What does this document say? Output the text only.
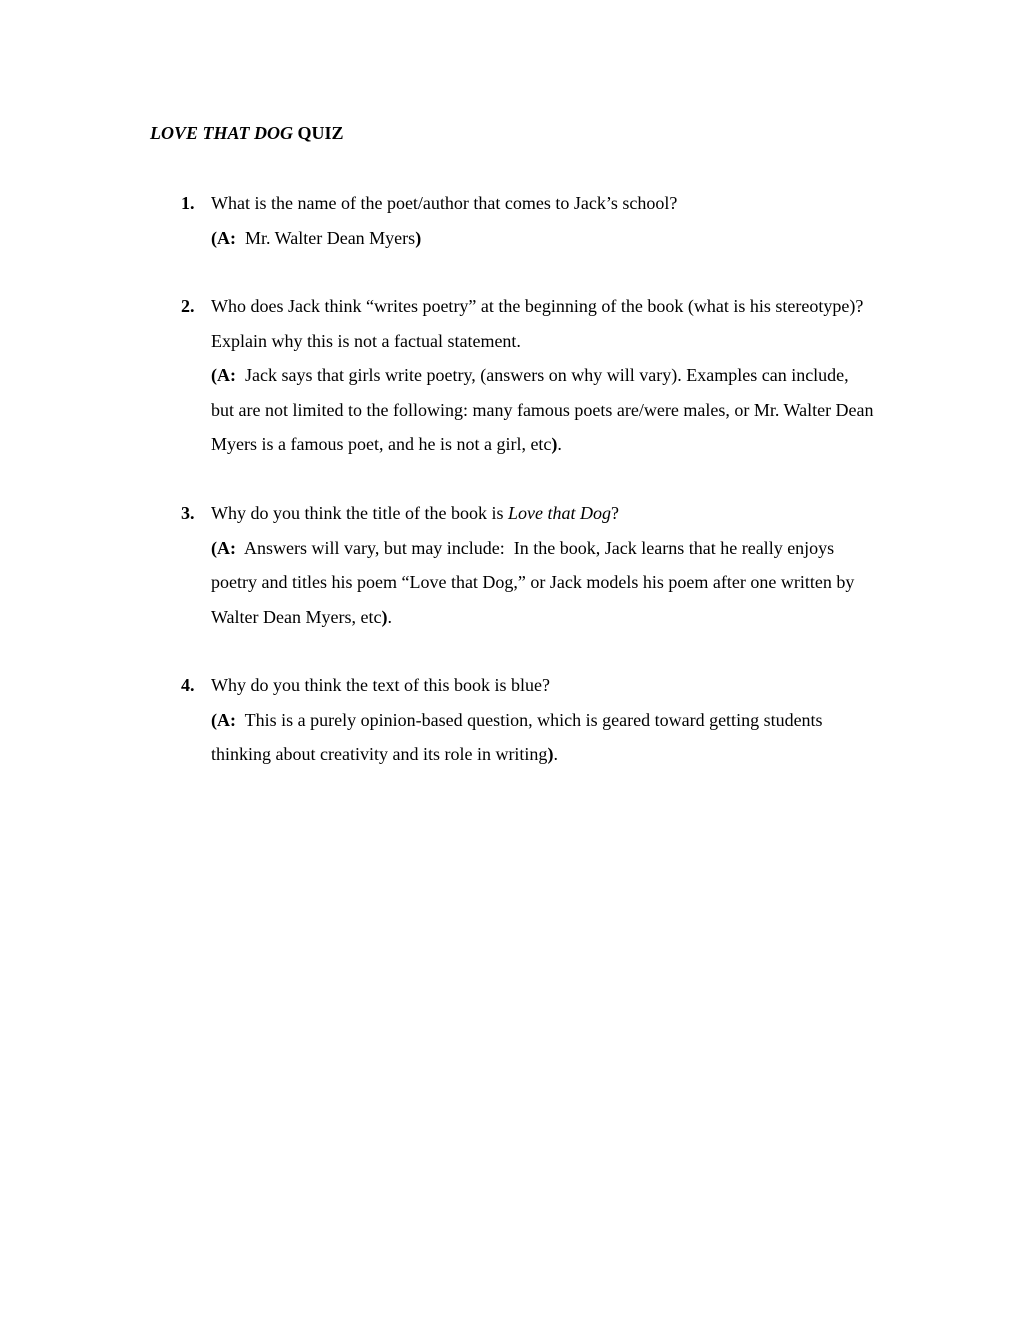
LOVE THAT DOG QUIZ
1. What is the name of the poet/author that comes to Jack’s school?

(A:  Mr. Walter Dean Myers)

2. Who does Jack think “writes poetry” at the beginning of the book (what is his stereotype)? Explain why this is not a factual statement.

(A:  Jack says that girls write poetry, (answers on why will vary). Examples can include, but are not limited to the following: many famous poets are/were males, or Mr. Walter Dean Myers is a famous poet, and he is not a girl, etc).

3. Why do you think the title of the book is Love that Dog?

(A:  Answers will vary, but may include:  In the book, Jack learns that he really enjoys poetry and titles his poem “Love that Dog,” or Jack models his poem after one written by Walter Dean Myers, etc).

4. Why do you think the text of this book is blue?

(A:  This is a purely opinion-based question, which is geared toward getting students thinking about creativity and its role in writing).
